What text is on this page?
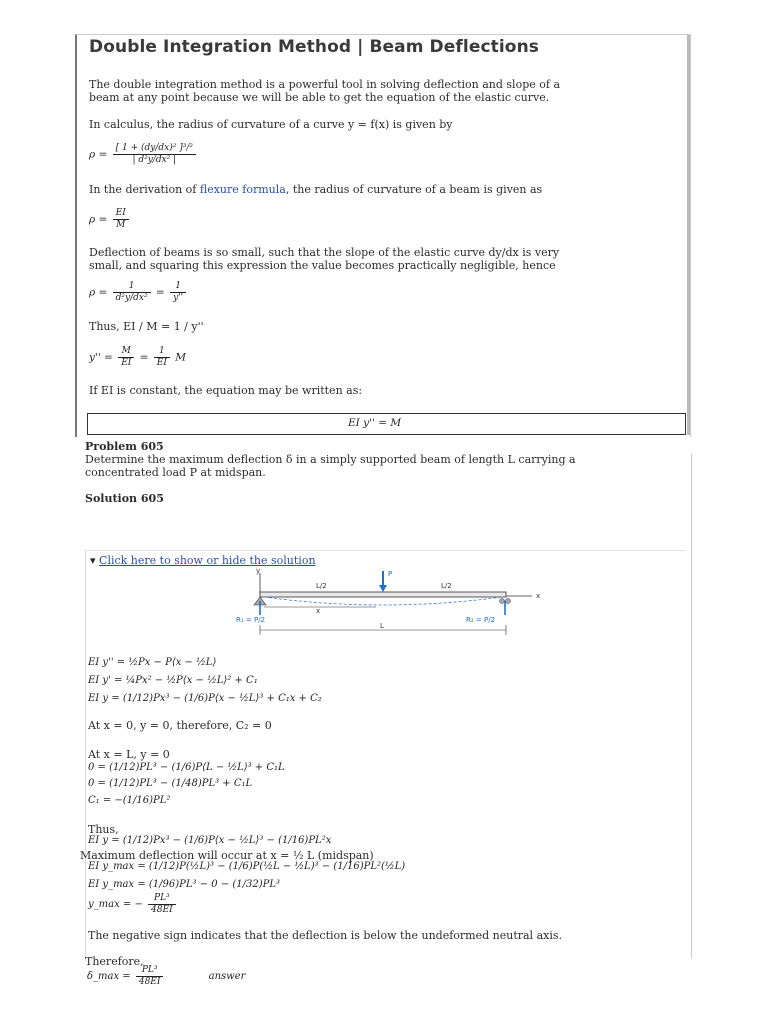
Double Integration Method | Beam Deflections
The double integration method is a powerful tool in solving deflection and slope of a
beam at any point because we will be able to get the equation of the elastic curve.
In calculus, the radius of curvature of a curve y = f(x) is given by
$\rho = \frac{\text{[ 1 + (dy/dx)² ]³/²}}{\text{| d²y/dx² |}}$
In the derivation of flexure formula, the radius of curvature of a beam is given as
$\rho = \frac{EI}{M}$
Deflection of beams is so small, such that the slope of the elastic curve dy/dx is very
small, and squaring this expression the value becomes practically negligible, hence
$\rho = \frac{1}{\text{d²y/dx²}} = \frac{1}{y''}$
Thus, EI / M = 1 / y''
$y'' = \frac{M}{EI} = \frac{1}{EI}$ M
If EI is constant, the equation may be written as:
EI y'' = M
Problem 605
Determine the maximum deflection δ in a simply supported beam of length L carrying a
concentrated load P at midspan.
Solution 605
▾ Click here to show or hide the solution
y
x
P
L/2	L/2
x
R₁ = P/2	R₂ = P/2
L
EI y'' = ½Px − P⟨x − ½L⟩
EI y' = ¼Px² − ½P⟨x − ½L⟩² + C₁
EI y = (1/12)Px³ − (1/6)P⟨x − ½L⟩³ + C₁x + C₂
At x = 0, y = 0, therefore, C₂ = 0
At x = L, y = 0
0 = (1/12)PL³ − (1/6)P⟨L − ½L⟩³ + C₁L
0 = (1/12)PL³ − (1/48)PL³ + C₁L
C₁ = −(1/16)PL²
Thus,
EI y = (1/12)Px³ − (1/6)P⟨x − ½L⟩³ − (1/16)PL²x
Maximum deflection will occur at x = ½ L (midspan)
EI y_max = (1/12)P(½L)³ − (1/6)P(½L − ½L)³ − (1/16)PL²(½L)
EI y_max = (1/96)PL³ − 0 − (1/32)PL³
y_max = − $\frac{\text{PL³}}{48EI}$
The negative sign indicates that the deflection is below the undeformed neutral axis.
Therefore,
δ_max = $\frac{\text{PL³}}{48EI}$	answer
